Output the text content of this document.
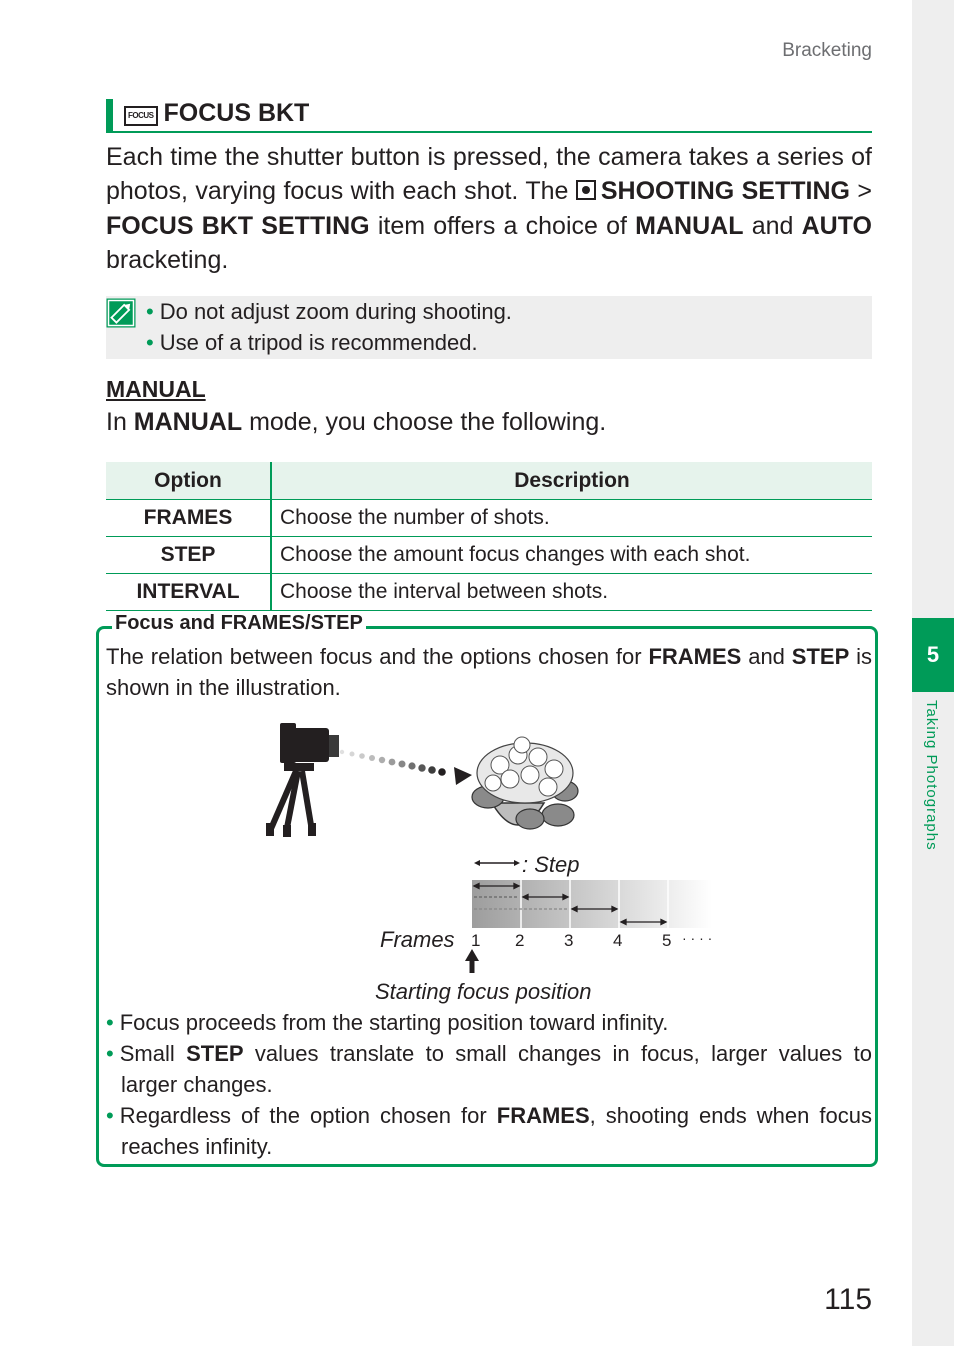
5
Taking Photographs
Bracketing
FOCUS FOCUS BKT

Each time the shutter button is pressed, the camera takes a series of photos, varying focus with each shot. The SHOOTING SETTING > FOCUS BKT SETTING item offers a choice of MANUAL and AUTO bracketing.

• Do not adjust zoom during shooting.
• Use of a tripod is recommended.
MANUAL
In MANUAL mode, you choose the following.
Option	Description
FRAMES	Choose the number of shots.
STEP	Choose the amount focus changes with each shot.
INTERVAL	Choose the interval between shots.
Focus and FRAMES/STEP

The relation between focus and the options chosen for FRAMES and STEP is shown in the illustration.

: Step
Frames 1 2 3 4 5 · · · ·
Starting focus position
• Focus proceeds from the starting position toward infinity.
• Small STEP values translate to small changes in focus, larger values to larger changes.
• Regardless of the option chosen for FRAMES, shooting ends when focus reaches infinity.
115
